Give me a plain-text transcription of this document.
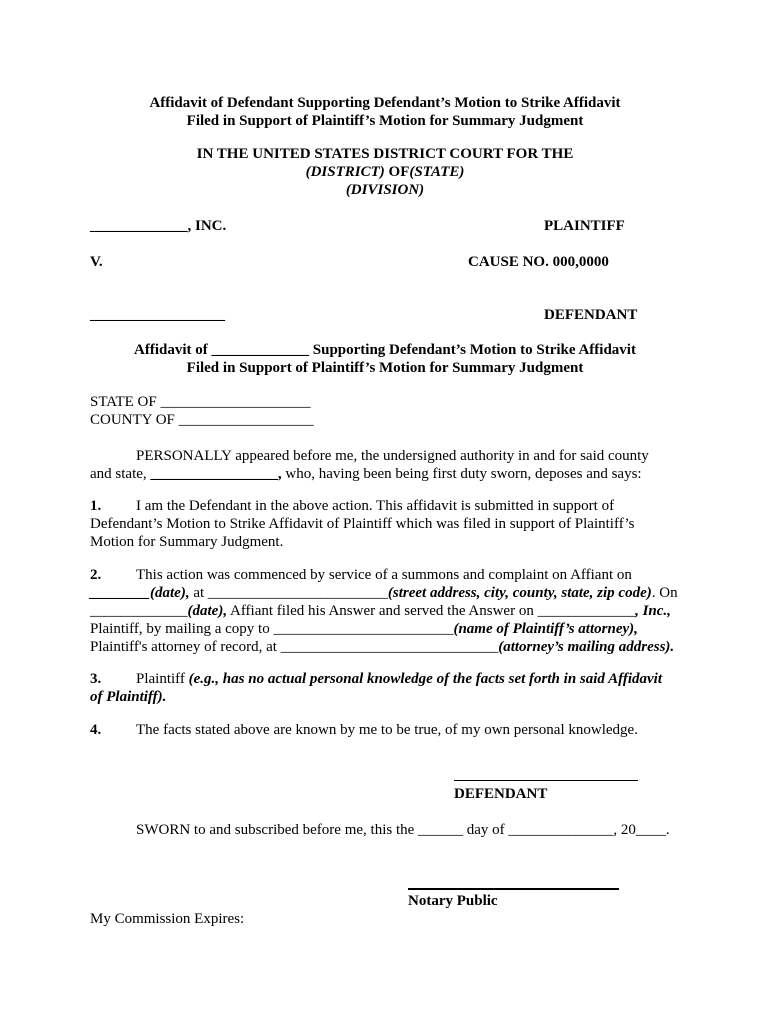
Affidavit of Defendant Supporting Defendant’s Motion to Strike Affidavit
Filed in Support of Plaintiff’s Motion for Summary Judgment
IN THE UNITED STATES DISTRICT COURT FOR THE
(DISTRICT) OF(STATE)
(DIVISION)
_____________, INC.	PLAINTIFF
V.	CAUSE NO. 000,0000
__________________	DEFENDANT
Affidavit of _____________ Supporting Defendant’s Motion to Strike Affidavit
Filed in Support of Plaintiff’s Motion for Summary Judgment
STATE OF ____________________
COUNTY OF __________________
PERSONALLY appeared before me, the undersigned authority in and for said county and state, _________________, who, having been being first duty sworn, deposes and says:
1. I am the Defendant in the above action. This affidavit is submitted in support of Defendant’s Motion to Strike Affidavit of Plaintiff which was filed in support of Plaintiff’s Motion for Summary Judgment.
2. This action was commenced by service of a summons and complaint on Affiant on ________(date), at ________________________(street address, city, county, state, zip code). On _____________(date), Affiant filed his Answer and served the Answer on _____________, Inc., Plaintiff, by mailing a copy to ________________________(name of Plaintiff’s attorney), Plaintiff's attorney of record, at _____________________________(attorney’s mailing address).
3. Plaintiff (e.g., has no actual personal knowledge of the facts set forth in said Affidavit of Plaintiff).
4. The facts stated above are known by me to be true, of my own personal knowledge.
DEFENDANT
SWORN to and subscribed before me, this the ______ day of ______________, 20____.
Notary Public
My Commission Expires:
